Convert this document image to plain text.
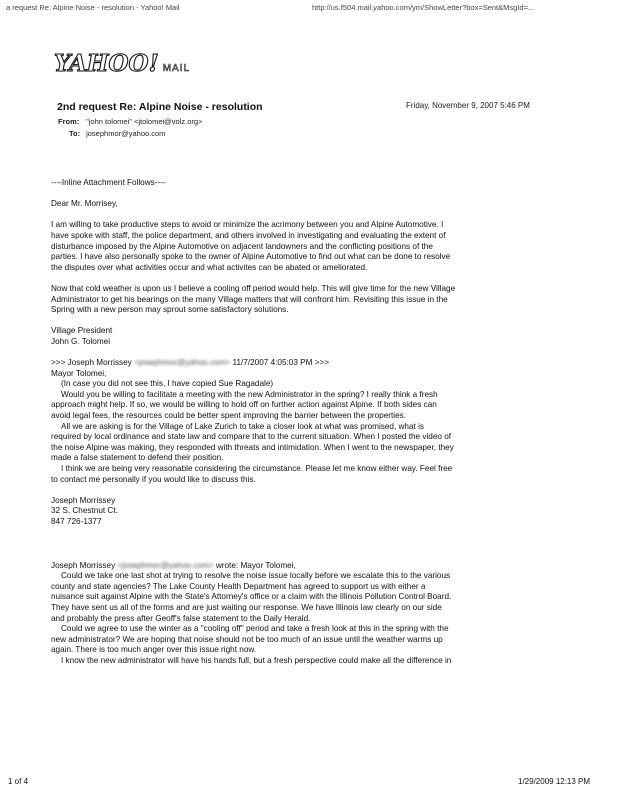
a request Re: Alpine Noise - resolution - Yahoo! Mail	http://us.f504.mail.yahoo.com/ym/ShowLetter?box=Sent&MsgId=...
YAHOO! MAIL
2nd request Re: Alpine Noise - resolution	Friday, November 9, 2007 5:46 PM
From: "john tolomei" <jtolomei@volz.org>
To: josephmor@yahoo.com

----Inline Attachment Follows----

Dear Mr. Morrisey,

I am willing to take productive steps to avoid or minimize the acrimony between you and Alpine Automotive. I

have spoke with staff, the police department, and others involved in investigating and evaluating the extent of

disturbance imposed by the Alpine Automotive on adjacent landowners and the conflicting positions of the

parties. I have also personally spoke to the owner of Alpine Automotive to find out what can be done to resolve

the disputes over what activities occur and what activites can be abated or ameliorated.

Now that cold weather is upon us I believe a cooling off period would help. This will give time for the new Village

Administrator to get his bearings on the many Village matters that will confront him. Revisiting this issue in the

Spring with a new person may sprout some satisfactory solutions.

Village President

John G. Tolomei

>>> Joseph Morrissey <josephmor@yahoo.com> 11/7/2007 4:05:03 PM >>>

Mayor Tolomei,

(In case you did not see this, I have copied Sue Ragadale)

Would you be willing to facilitate a meeting with the new Administrator in the spring? I really think a fresh

approach might help. If so, we would be willing to hold off on further action against Alpine. If both sides can

avoid legal fees, the resources could be better spent improving the barrier between the properties.

All we are asking is for the Village of Lake Zurich to take a closer look at what was promised, what is

required by local ordinance and state law and compare that to the current situation. When I posted the video of

the noise Alpine was making, they responded with threats and intimidation. When I went to the newspaper, they

made a false statement to defend their position.

I think we are being very reasonable considering the circumstance. Please let me know either way. Feel free

to contact me personally if you would like to discuss this.

Joseph Morrissey

32 S. Chestnut Ct.

847 726-1377

Joseph Morrissey <josephmor@yahoo.com> wrote: Mayor Tolomei,

Could we take one last shot at trying to resolve the noise issue locally before we escalate this to the various

county and state agencies? The Lake County Health Department has agreed to support us with either a

nuisance suit against Alpine with the State's Attorney's office or a claim with the Illinois Pollution Control Board.

They have sent us all of the forms and are just waiting our response. We have Illinois law clearly on our side

and probably the press after Geoff's false statement to the Daily Herald.

Could we agree to use the winter as a "cooling off" period and take a fresh look at this in the spring with the

new administrator? We are hoping that noise should not be too much of an issue until the weather warms up

again. There is too much anger over this issue right now.

I know the new administrator will have his hands full, but a fresh perspective could make all the difference in

1 of 4	1/29/2009 12:13 PM
